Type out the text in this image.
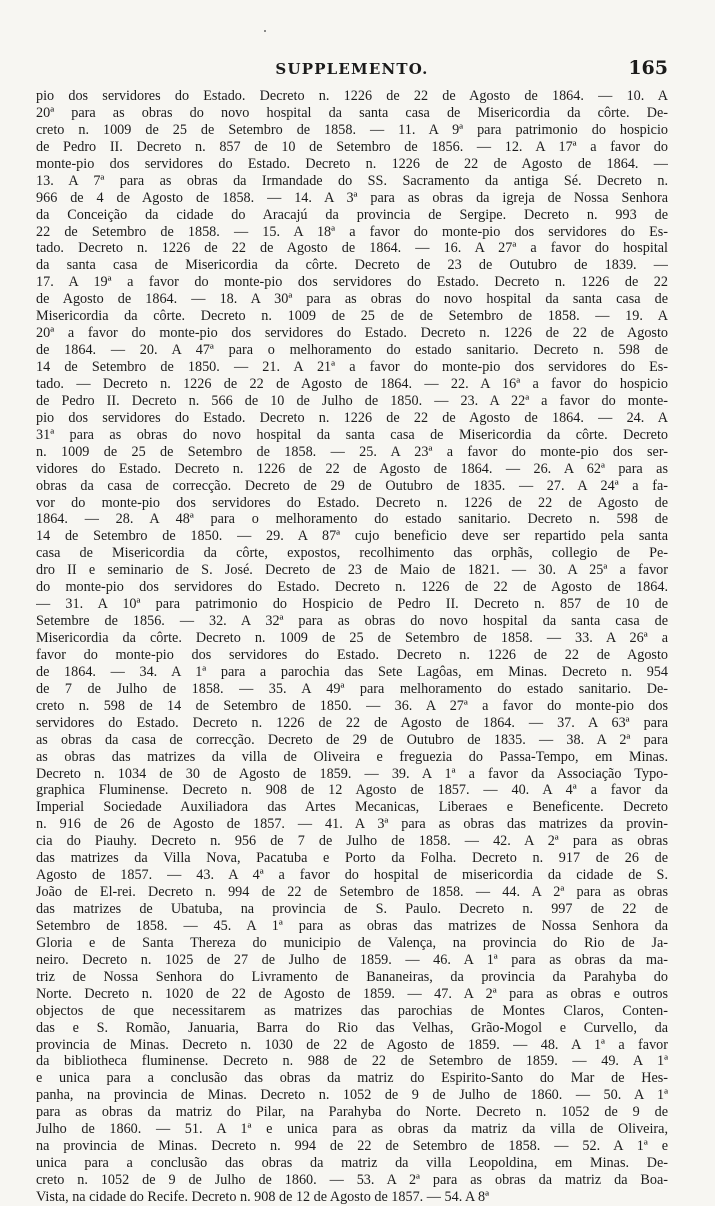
SUPPLEMENTO.	165
pio dos servidores do Estado. Decreto n. 1226 de 22 de Agosto de 1864. — 10. A
20ª para as obras do novo hospital da santa casa de Misericordia da côrte. De-
creto n. 1009 de 25 de Setembro de 1858. — 11. A 9ª para patrimonio do hospicio
de Pedro II. Decreto n. 857 de 10 de Setembro de 1856. — 12. A 17ª a favor do
monte-pio dos servidores do Estado. Decreto n. 1226 de 22 de Agosto de 1864. —
13. A 7ª para as obras da Irmandade do SS. Sacramento da antiga Sé. Decreto n.
966 de 4 de Agosto de 1858. — 14. A 3ª para as obras da igreja de Nossa Senhora
da Conceição da cidade do Aracajú da provincia de Sergipe. Decreto n. 993 de
22 de Setembro de 1858. — 15. A 18ª a favor do monte-pio dos servidores do Es-
tado. Decreto n. 1226 de 22 de Agosto de 1864. — 16. A 27ª a favor do hospital
da santa casa de Misericordia da côrte. Decreto de 23 de Outubro de 1839. —
17. A 19ª a favor do monte-pio dos servidores do Estado. Decreto n. 1226 de 22
de Agosto de 1864. — 18. A 30ª para as obras do novo hospital da santa casa de
Misericordia da côrte. Decreto n. 1009 de 25 de de Setembro de 1858. — 19. A
20ª a favor do monte-pio dos servidores do Estado. Decreto n. 1226 de 22 de Agosto
de 1864. — 20. A 47ª para o melhoramento do estado sanitario. Decreto n. 598 de
14 de Setembro de 1850. — 21. A 21ª a favor do monte-pio dos servidores do Es-
tado. — Decreto n. 1226 de 22 de Agosto de 1864. — 22. A 16ª a favor do hospicio
de Pedro II. Decreto n. 566 de 10 de Julho de 1850. — 23. A 22ª a favor do monte-
pio dos servidores do Estado. Decreto n. 1226 de 22 de Agosto de 1864. — 24. A
31ª para as obras do novo hospital da santa casa de Misericordia da côrte. Decreto
n. 1009 de 25 de Setembro de 1858. — 25. A 23ª a favor do monte-pio dos ser-
vidores do Estado. Decreto n. 1226 de 22 de Agosto de 1864. — 26. A 62ª para as
obras da casa de correcção. Decreto de 29 de Outubro de 1835. — 27. A 24ª a fa-
vor do monte-pio dos servidores do Estado. Decreto n. 1226 de 22 de Agosto de
1864. — 28. A 48ª para o melhoramento do estado sanitario. Decreto n. 598 de
14 de Setembro de 1850. — 29. A 87ª cujo beneficio deve ser repartido pela santa
casa de Misericordia da côrte, expostos, recolhimento das orphãs, collegio de Pe-
dro II e seminario de S. José. Decreto de 23 de Maio de 1821. — 30. A 25ª a favor
do monte-pio dos servidores do Estado. Decreto n. 1226 de 22 de Agosto de 1864.
— 31. A 10ª para patrimonio do Hospicio de Pedro II. Decreto n. 857 de 10 de
Setembre de 1856. — 32. A 32ª para as obras do novo hospital da santa casa de
Misericordia da côrte. Decreto n. 1009 de 25 de Setembro de 1858. — 33. A 26ª a
favor do monte-pio dos servidores do Estado. Decreto n. 1226 de 22 de Agosto
de 1864. — 34. A 1ª para a parochia das Sete Lagôas, em Minas. Decreto n. 954
de 7 de Julho de 1858. — 35. A 49ª para melhoramento do estado sanitario. De-
creto n. 598 de 14 de Setembro de 1850. — 36. A 27ª a favor do monte-pio dos
servidores do Estado. Decreto n. 1226 de 22 de Agosto de 1864. — 37. A 63ª para
as obras da casa de correcção. Decreto de 29 de Outubro de 1835. — 38. A 2ª para
as obras das matrizes da villa de Oliveira e freguezia do Passa-Tempo, em Minas.
Decreto n. 1034 de 30 de Agosto de 1859. — 39. A 1ª a favor da Associação Typo-
graphica Fluminense. Decreto n. 908 de 12 Agosto de 1857. — 40. A 4ª a favor da
Imperial Sociedade Auxiliadora das Artes Mecanicas, Liberaes e Beneficente. Decreto
n. 916 de 26 de Agosto de 1857. — 41. A 3ª para as obras das matrizes da provin-
cia do Piauhy. Decreto n. 956 de 7 de Julho de 1858. — 42. A 2ª para as obras
das matrizes da Villa Nova, Pacatuba e Porto da Folha. Decreto n. 917 de 26 de
Agosto de 1857. — 43. A 4ª a favor do hospital de misericordia da cidade de S.
João de El-rei. Decreto n. 994 de 22 de Setembro de 1858. — 44. A 2ª para as obras
das matrizes de Ubatuba, na provincia de S. Paulo. Decreto n. 997 de 22 de
Setembro de 1858. — 45. A 1ª para as obras das matrizes de Nossa Senhora da
Gloria e de Santa Thereza do municipio de Valença, na provincia do Rio de Ja-
neiro. Decreto n. 1025 de 27 de Julho de 1859. — 46. A 1ª para as obras da ma-
triz de Nossa Senhora do Livramento de Bananeiras, da provincia da Parahyba do
Norte. Decreto n. 1020 de 22 de Agosto de 1859. — 47. A 2ª para as obras e outros
objectos de que necessitarem as matrizes das parochias de Montes Claros, Conten-
das e S. Romão, Januaria, Barra do Rio das Velhas, Grão-Mogol e Curvello, da
provincia de Minas. Decreto n. 1030 de 22 de Agosto de 1859. — 48. A 1ª a favor
da bibliotheca fluminense. Decreto n. 988 de 22 de Setembro de 1859. — 49. A 1ª
e unica para a conclusão das obras da matriz do Espirito-Santo do Mar de Hes-
panha, na provincia de Minas. Decreto n. 1052 de 9 de Julho de 1860. — 50. A 1ª
para as obras da matriz do Pilar, na Parahyba do Norte. Decreto n. 1052 de 9 de
Julho de 1860. — 51. A 1ª e unica para as obras da matriz da villa de Oliveira,
na provincia de Minas. Decreto n. 994 de 22 de Setembro de 1858. — 52. A 1ª e
unica para a conclusão das obras da matriz da villa Leopoldina, em Minas. De-
creto n. 1052 de 9 de Julho de 1860. — 53. A 2ª para as obras da matriz da Boa-
Vista, na cidade do Recife. Decreto n. 908 de 12 de Agosto de 1857. — 54. A 8ª
